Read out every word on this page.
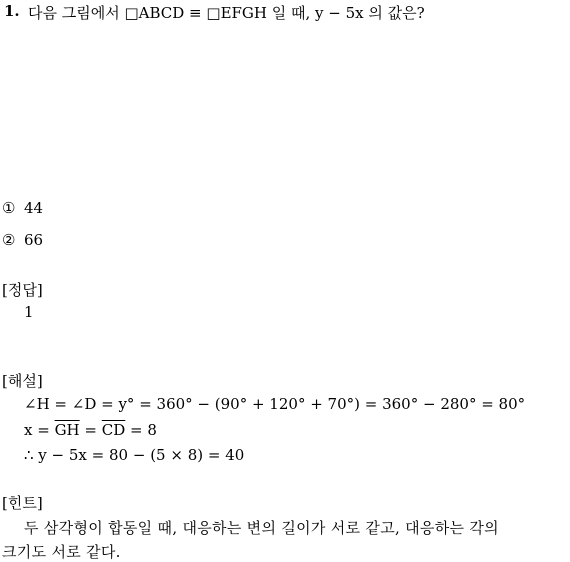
1. 다음 그림에서 □ABCD ≡ □EFGH 일 때, y − 5x 의 값은?
① 44
② 66
[정답]
1
[해설]
∠H = ∠D = y° = 360° − (90° + 120° + 70°) = 360° − 280° = 80°
$x = \overline{GH} = \overline{CD} = 8$
∴ y − 5x = 80 − (5 × 8) = 40
[힌트]
두 삼각형이 합동일 때, 대응하는 변의 길이가 서로 같고, 대응하는 각의
크기도 서로 같다.
